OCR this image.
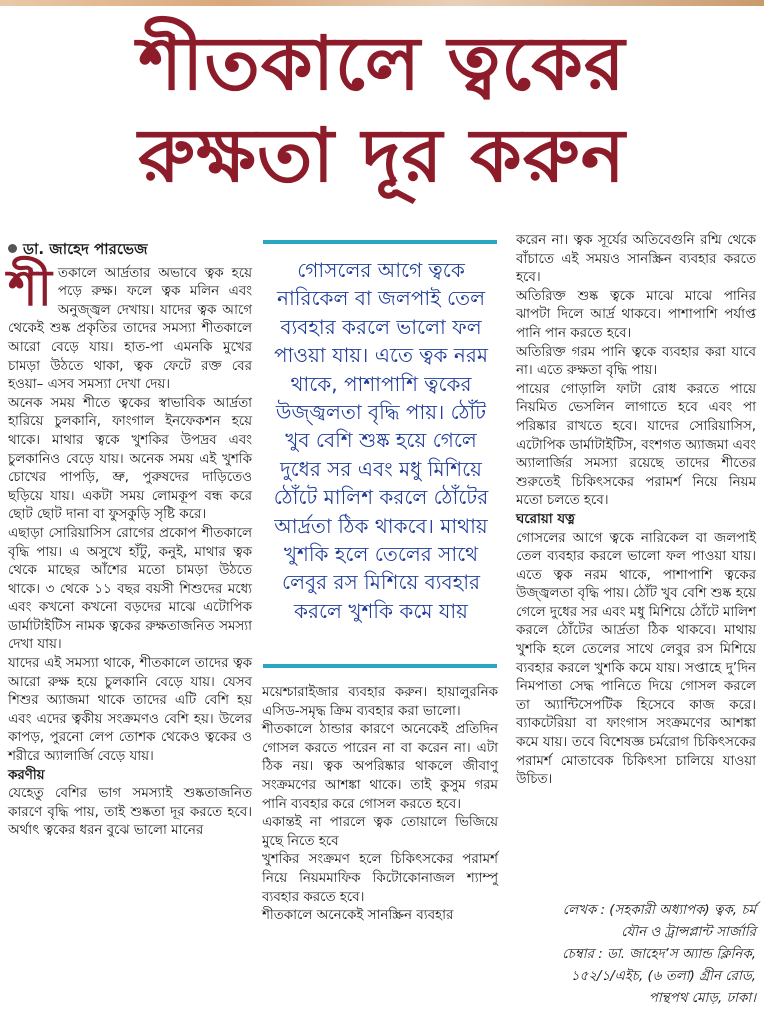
শীতকালে ত্বকের
রুক্ষতা দূর করুন
ডা. জাহেদ পারভেজ

শীতকালে আর্দ্রতার অভাবে ত্বক হয়ে পড়ে রুক্ষ। ফলে ত্বক মলিন এবং অনুজ্জ্বল দেখায়। যাদের ত্বক আগে থেকেই শুষ্ক প্রকৃতির তাদের সমস্যা শীতকালে আরো বেড়ে যায়। হাত-পা এমনকি মুখের চামড়া উঠতে থাকা, ত্বক ফেটে রক্ত বের হওয়া– এসব সমস্যা দেখা দেয়।

অনেক সময় শীতে ত্বকের স্বাভাবিক আর্দ্রতা হারিয়ে চুলকানি, ফাংগাল ইনফেকশন হয়ে থাকে। মাথার ত্বকে খুশকির উপদ্রব এবং চুলকানিও বেড়ে যায়। অনেক সময় এই খুশকি চোখের পাপড়ি, ভ্রু, পুরুষদের দাড়িতেও ছড়িয়ে যায়। একটা সময় লোমকূপ বন্ধ করে ছোট ছোট দানা বা ফুসকুড়ি সৃষ্টি করে।

এছাড়া সোরিয়াসিস রোগের প্রকোপ শীতকালে বৃদ্ধি পায়। এ অসুখে হাঁটু, কনুই, মাথার ত্বক থেকে মাছের আঁশের মতো চামড়া উঠতে থাকে। ৩ থেকে ১১ বছর বয়সী শিশুদের মধ্যে এবং কখনো কখনো বড়দের মাঝে এটোপিক ডার্মাটাইটিস নামক ত্বকের রুক্ষতাজনিত সমস্যা দেখা যায়।

যাদের এই সমস্যা থাকে, শীতকালে তাদের ত্বক আরো রুক্ষ হয়ে চুলকানি বেড়ে যায়। যেসব শিশুর অ্যাজমা থাকে তাদের এটি বেশি হয় এবং এদের ত্বকীয় সংক্রমণও বেশি হয়। উলের কাপড়, পুরনো লেপ তোশক থেকেও ত্বকের ও শরীরে অ্যালার্জি বেড়ে যায়।

করণীয়

যেহেতু বেশির ভাগ সমস্যাই শুষ্কতাজনিত কারণে বৃদ্ধি পায়, তাই শুষ্কতা দূর করতে হবে। অর্থাৎ ত্বকের ধরন বুঝে ভালো মানের

গোসলের আগে ত্বকে নারিকেল বা জলপাই তেল ব্যবহার করলে ভালো ফল পাওয়া যায়। এতে ত্বক নরম থাকে, পাশাপাশি ত্বকের উজ্জ্বলতা বৃদ্ধি পায়। ঠোঁট খুব বেশি শুষ্ক হয়ে গেলে দুধের সর এবং মধু মিশিয়ে ঠোঁটে মালিশ করলে ঠোঁটের আর্দ্রতা ঠিক থাকবে। মাথায় খুশকি হলে তেলের সাথে লেবুর রস মিশিয়ে ব্যবহার করলে খুশকি কমে যায়

ময়েশ্চারাইজার ব্যবহার করুন। হায়ালুরনিক এসিড-সমৃদ্ধ ক্রিম ব্যবহার করা ভালো।

শীতকালে ঠান্ডার কারণে অনেকেই প্রতিদিন গোসল করতে পারেন না বা করেন না। এটা ঠিক নয়। ত্বক অপরিষ্কার থাকলে জীবাণু সংক্রমণের আশঙ্কা থাকে। তাই কুসুম গরম পানি ব্যবহার করে গোসল করতে হবে।

একান্তই না পারলে ত্বক তোয়ালে ভিজিয়ে মুছে নিতে হবে

খুশকির সংক্রমণ হলে চিকিৎসকের পরামর্শ নিয়ে নিয়মমাফিক কিটোকোনাজল শ্যাম্পু ব্যবহার করতে হবে।

শীতকালে অনেকেই সানস্ক্রিন ব্যবহার

করেন না। ত্বক সূর্যের অতিবেগুনি রশ্মি থেকে বাঁচাতে এই সময়ও সানস্ক্রিন ব্যবহার করতে হবে।

অতিরিক্ত শুষ্ক ত্বকে মাঝে মাঝে পানির ঝাপটা দিলে আর্দ্র থাকবে। পাশাপাশি পর্যাপ্ত পানি পান করতে হবে।

অতিরিক্ত গরম পানি ত্বকে ব্যবহার করা যাবে না। এতে রুক্ষতা বৃদ্ধি পায়।

পায়ের গোড়ালি ফাটা রোধ করতে পায়ে নিয়মিত ভেসলিন লাগাতে হবে এবং পা পরিষ্কার রাখতে হবে। যাদের সোরিয়াসিস, এটোপিক ডার্মাটাইটিস, বংশগত অ্যাজমা এবং অ্যালার্জির সমস্যা রয়েছে তাদের শীতের শুরুতেই চিকিৎসকের পরামর্শ নিয়ে নিয়ম মতো চলতে হবে।

ঘরোয়া যত্ন

গোসলের আগে ত্বকে নারিকেল বা জলপাই তেল ব্যবহার করলে ভালো ফল পাওয়া যায়। এতে ত্বক নরম থাকে, পাশাপাশি ত্বকের উজ্জ্বলতা বৃদ্ধি পায়। ঠোঁট খুব বেশি শুষ্ক হয়ে গেলে দুধের সর এবং মধু মিশিয়ে ঠোঁটে মালিশ করলে ঠোঁটের আর্দ্রতা ঠিক থাকবে। মাথায় খুশকি হলে তেলের সাথে লেবুর রস মিশিয়ে ব্যবহার করলে খুশকি কমে যায়। সপ্তাহে দু’দিন নিমপাতা সেদ্ধ পানিতে দিয়ে গোসল করলে তা অ্যান্টিসেপটিক হিসেবে কাজ করে। ব্যাকটেরিয়া বা ফাংগাস সংক্রমণের আশঙ্কা কমে যায়। তবে বিশেষজ্ঞ চর্মরোগ চিকিৎসকের পরামর্শ মোতাবেক চিকিৎসা চালিয়ে যাওয়া উচিত।

লেখক : (সহকারী অধ্যাপক) ত্বক, চর্ম
যৌন ও ট্রান্সপ্লান্ট সার্জারি
চেম্বার : ডা. জাহেদ’স অ্যান্ড ক্লিনিক,
১৫২/১/এইচ, (৬ তলা) গ্রীন রোড,
পান্থপথ মোড়, ঢাকা।
